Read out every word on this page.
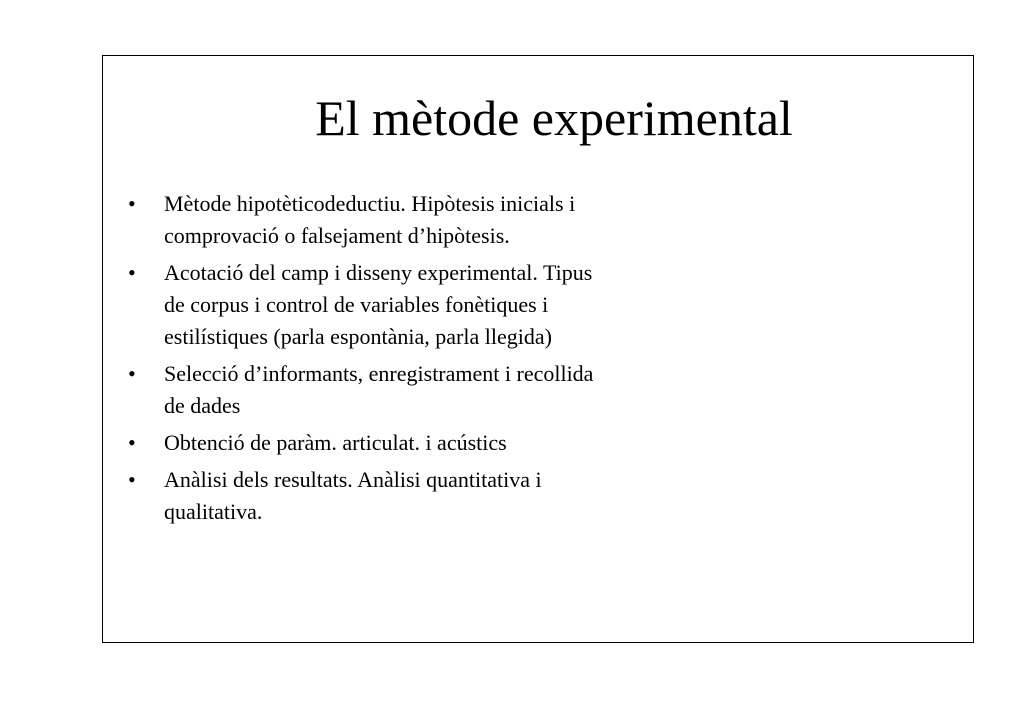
El mètode experimental
•	Mètode hipotèticodeductiu. Hipòtesis inicials i comprovació o falsejament d’hipòtesis.
•	Acotació del camp i disseny experimental. Tipus de corpus i control de variables fonètiques i estilístiques (parla espontània, parla llegida)
•	Selecció d’informants, enregistrament i recollida de dades
•	Obtenció de paràm. articulat. i acústics
•	Anàlisi dels resultats. Anàlisi quantitativa i qualitativa.
